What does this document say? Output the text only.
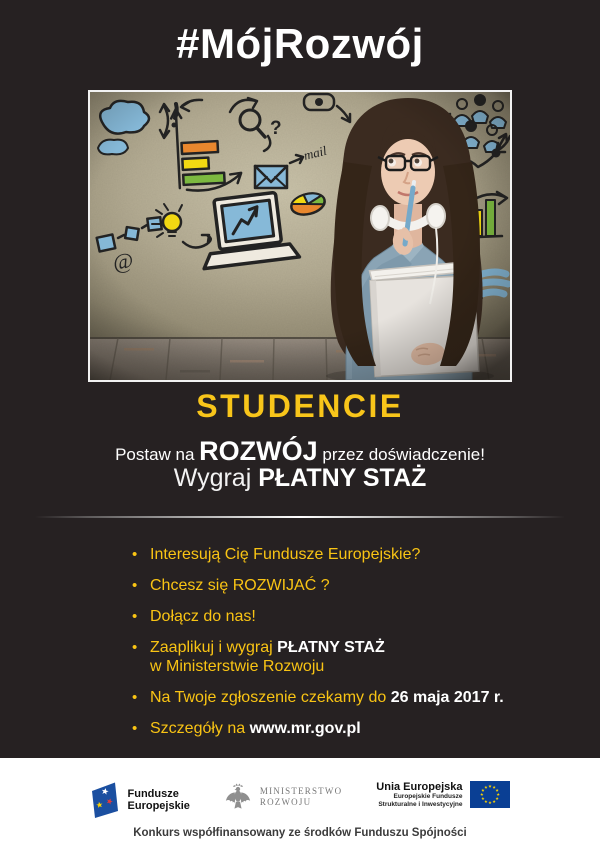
#MójRozwój
STUDENCIE
Postaw na ROZWÓJ przez doświadczenie!
Wygraj PŁATNY STAŻ
• Interesują Cię Fundusze Europejskie?
• Chcesz się ROZWIJAĆ ?
• Dołącz do nas!
• Zaaplikuj i wygraj PŁATNY STAŻ
w Ministerstwie Rozwoju
• Na Twoje zgłoszenie czekamy do 26 maja 2017 r.
• Szczegóły na www.mr.gov.pl
Fundusze
Europejskie
MINISTERSTWO
ROZWOJU
Unia Europejska
Europejskie Fundusze
Strukturalne i Inwestycyjne
Konkurs współfinansowany ze środków Funduszu Spójności
